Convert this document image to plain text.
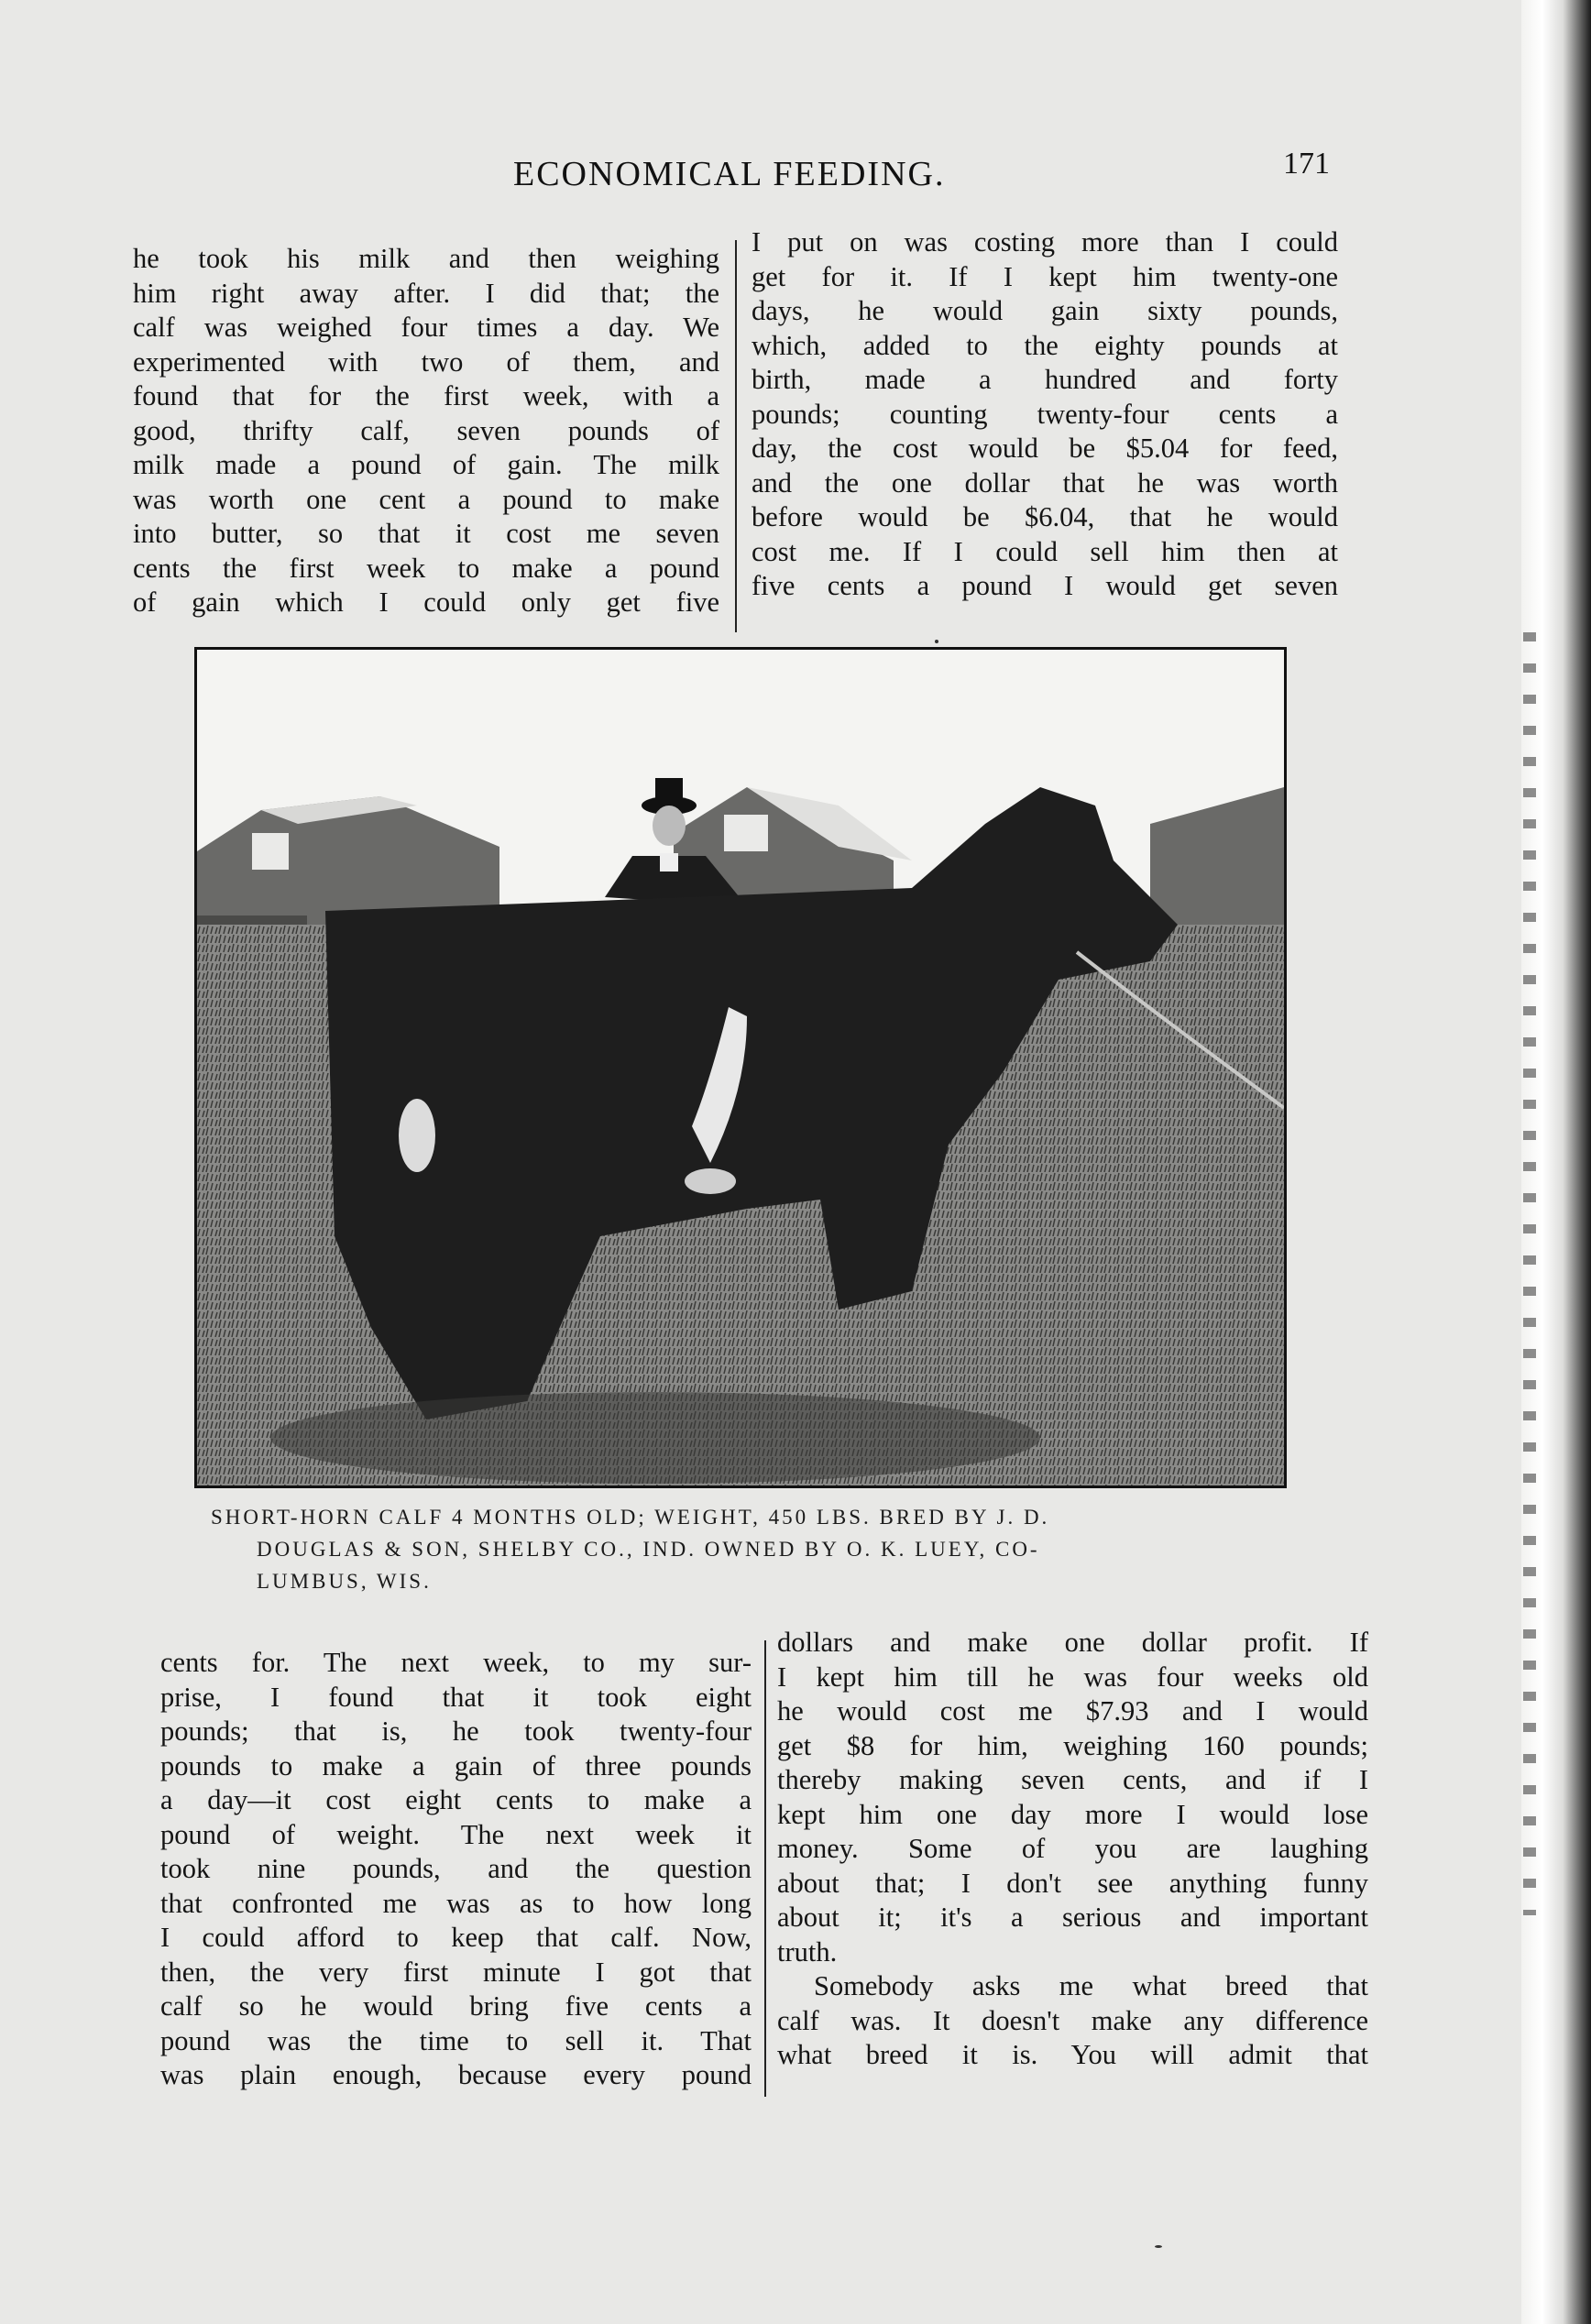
ECONOMICAL FEEDING.	171
he took his milk and then weighing
him right away after. I did that; the
calf was weighed four times a day. We
experimented with two of them, and
found that for the first week, with a
good, thrifty calf, seven pounds of
milk made a pound of gain. The milk
was worth one cent a pound to make
into butter, so that it cost me seven
cents the first week to make a pound
of gain which I could only get five
I put on was costing more than I could
get for it. If I kept him twenty-one
days, he would gain sixty pounds,
which, added to the eighty pounds at
birth, made a hundred and forty
pounds; counting twenty-four cents a
day, the cost would be $5.04 for feed,
and the one dollar that he was worth
before would be $6.04, that he would
cost me. If I could sell him then at
five cents a pound I would get seven
SHORT-HORN CALF 4 MONTHS OLD; WEIGHT, 450 LBS. BRED BY J. D.
DOUGLAS & SON, SHELBY CO., IND. OWNED BY O. K. LUEY, CO-
LUMBUS, WIS.
cents for. The next week, to my sur-
prise, I found that it took eight
pounds; that is, he took twenty-four
pounds to make a gain of three pounds
a day—it cost eight cents to make a
pound of weight. The next week it
took nine pounds, and the question
that confronted me was as to how long
I could afford to keep that calf. Now,
then, the very first minute I got that
calf so he would bring five cents a
pound was the time to sell it. That
was plain enough, because every pound
dollars and make one dollar profit. If
I kept him till he was four weeks old
he would cost me $7.93 and I would
get $8 for him, weighing 160 pounds;
thereby making seven cents, and if I
kept him one day more I would lose
money. Some of you are laughing
about that; I don't see anything funny
about it; it's a serious and important
truth.
Somebody asks me what breed that
calf was. It doesn't make any difference
what breed it is. You will admit that
